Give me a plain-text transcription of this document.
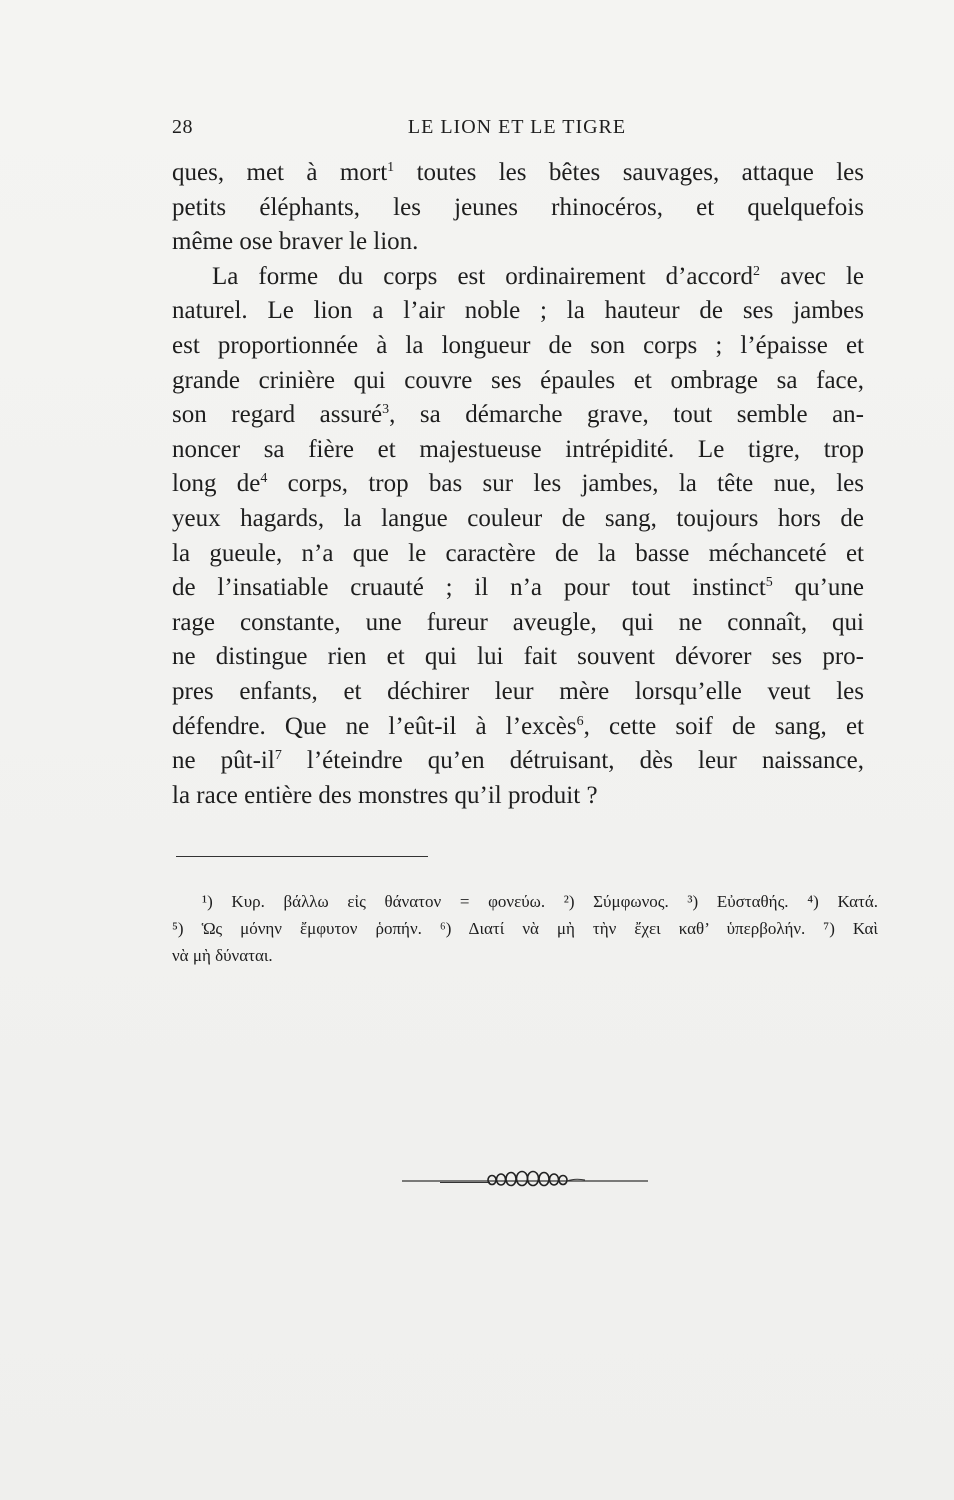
28	LE LION ET LE TIGRE
ques, met à mort$^1$ toutes les bêtes sauvages, attaque les
petits éléphants, les jeunes rhinocéros, et quelquefois
même ose braver le lion.
La forme du corps est ordinairement d’accord$^2$ avec le
naturel. Le lion a l’air noble ; la hauteur de ses jambes
est proportionnée à la longueur de son corps ; l’épaisse et
grande crinière qui couvre ses épaules et ombrage sa face,
son regard assuré$^3$, sa démarche grave, tout semble an-
noncer sa fière et majestueuse intrépidité. Le tigre, trop
long $de^4$ corps, trop bas sur les jambes, la tête nue, les
yeux hagards, la langue couleur de sang, toujours hors de
la gueule, n’a que le caractère de la basse méchanceté et
de l’insatiable cruauté ; il n’a pour tout instinct$^5$ qu’une
rage constante, une fureur aveugle, qui ne connaît, qui
ne distingue rien et qui lui fait souvent dévorer ses pro-
pres enfants, et déchirer leur mère lorsqu’elle veut les
défendre. Que ne l’eût-il à l’excès$^6$, cette soif de sang, et
ne pût-$il^7$ l’éteindre qu’en détruisant, dès leur naissance,
la race entière des monstres qu’il produit ?
¹) Κυρ. βάλλω εἰς θάνατον = φονεύω. ²) Σύμφωνος. ³) Εὐσταθής. ⁴) Κατά.
⁵) Ὡς μόνην ἔμφυτον ῥοπήν. ⁶) Διατί νὰ μὴ τὴν ἔχει καθ’ ὑπερβολήν. ⁷) Καὶ
νὰ μὴ δύναται.
